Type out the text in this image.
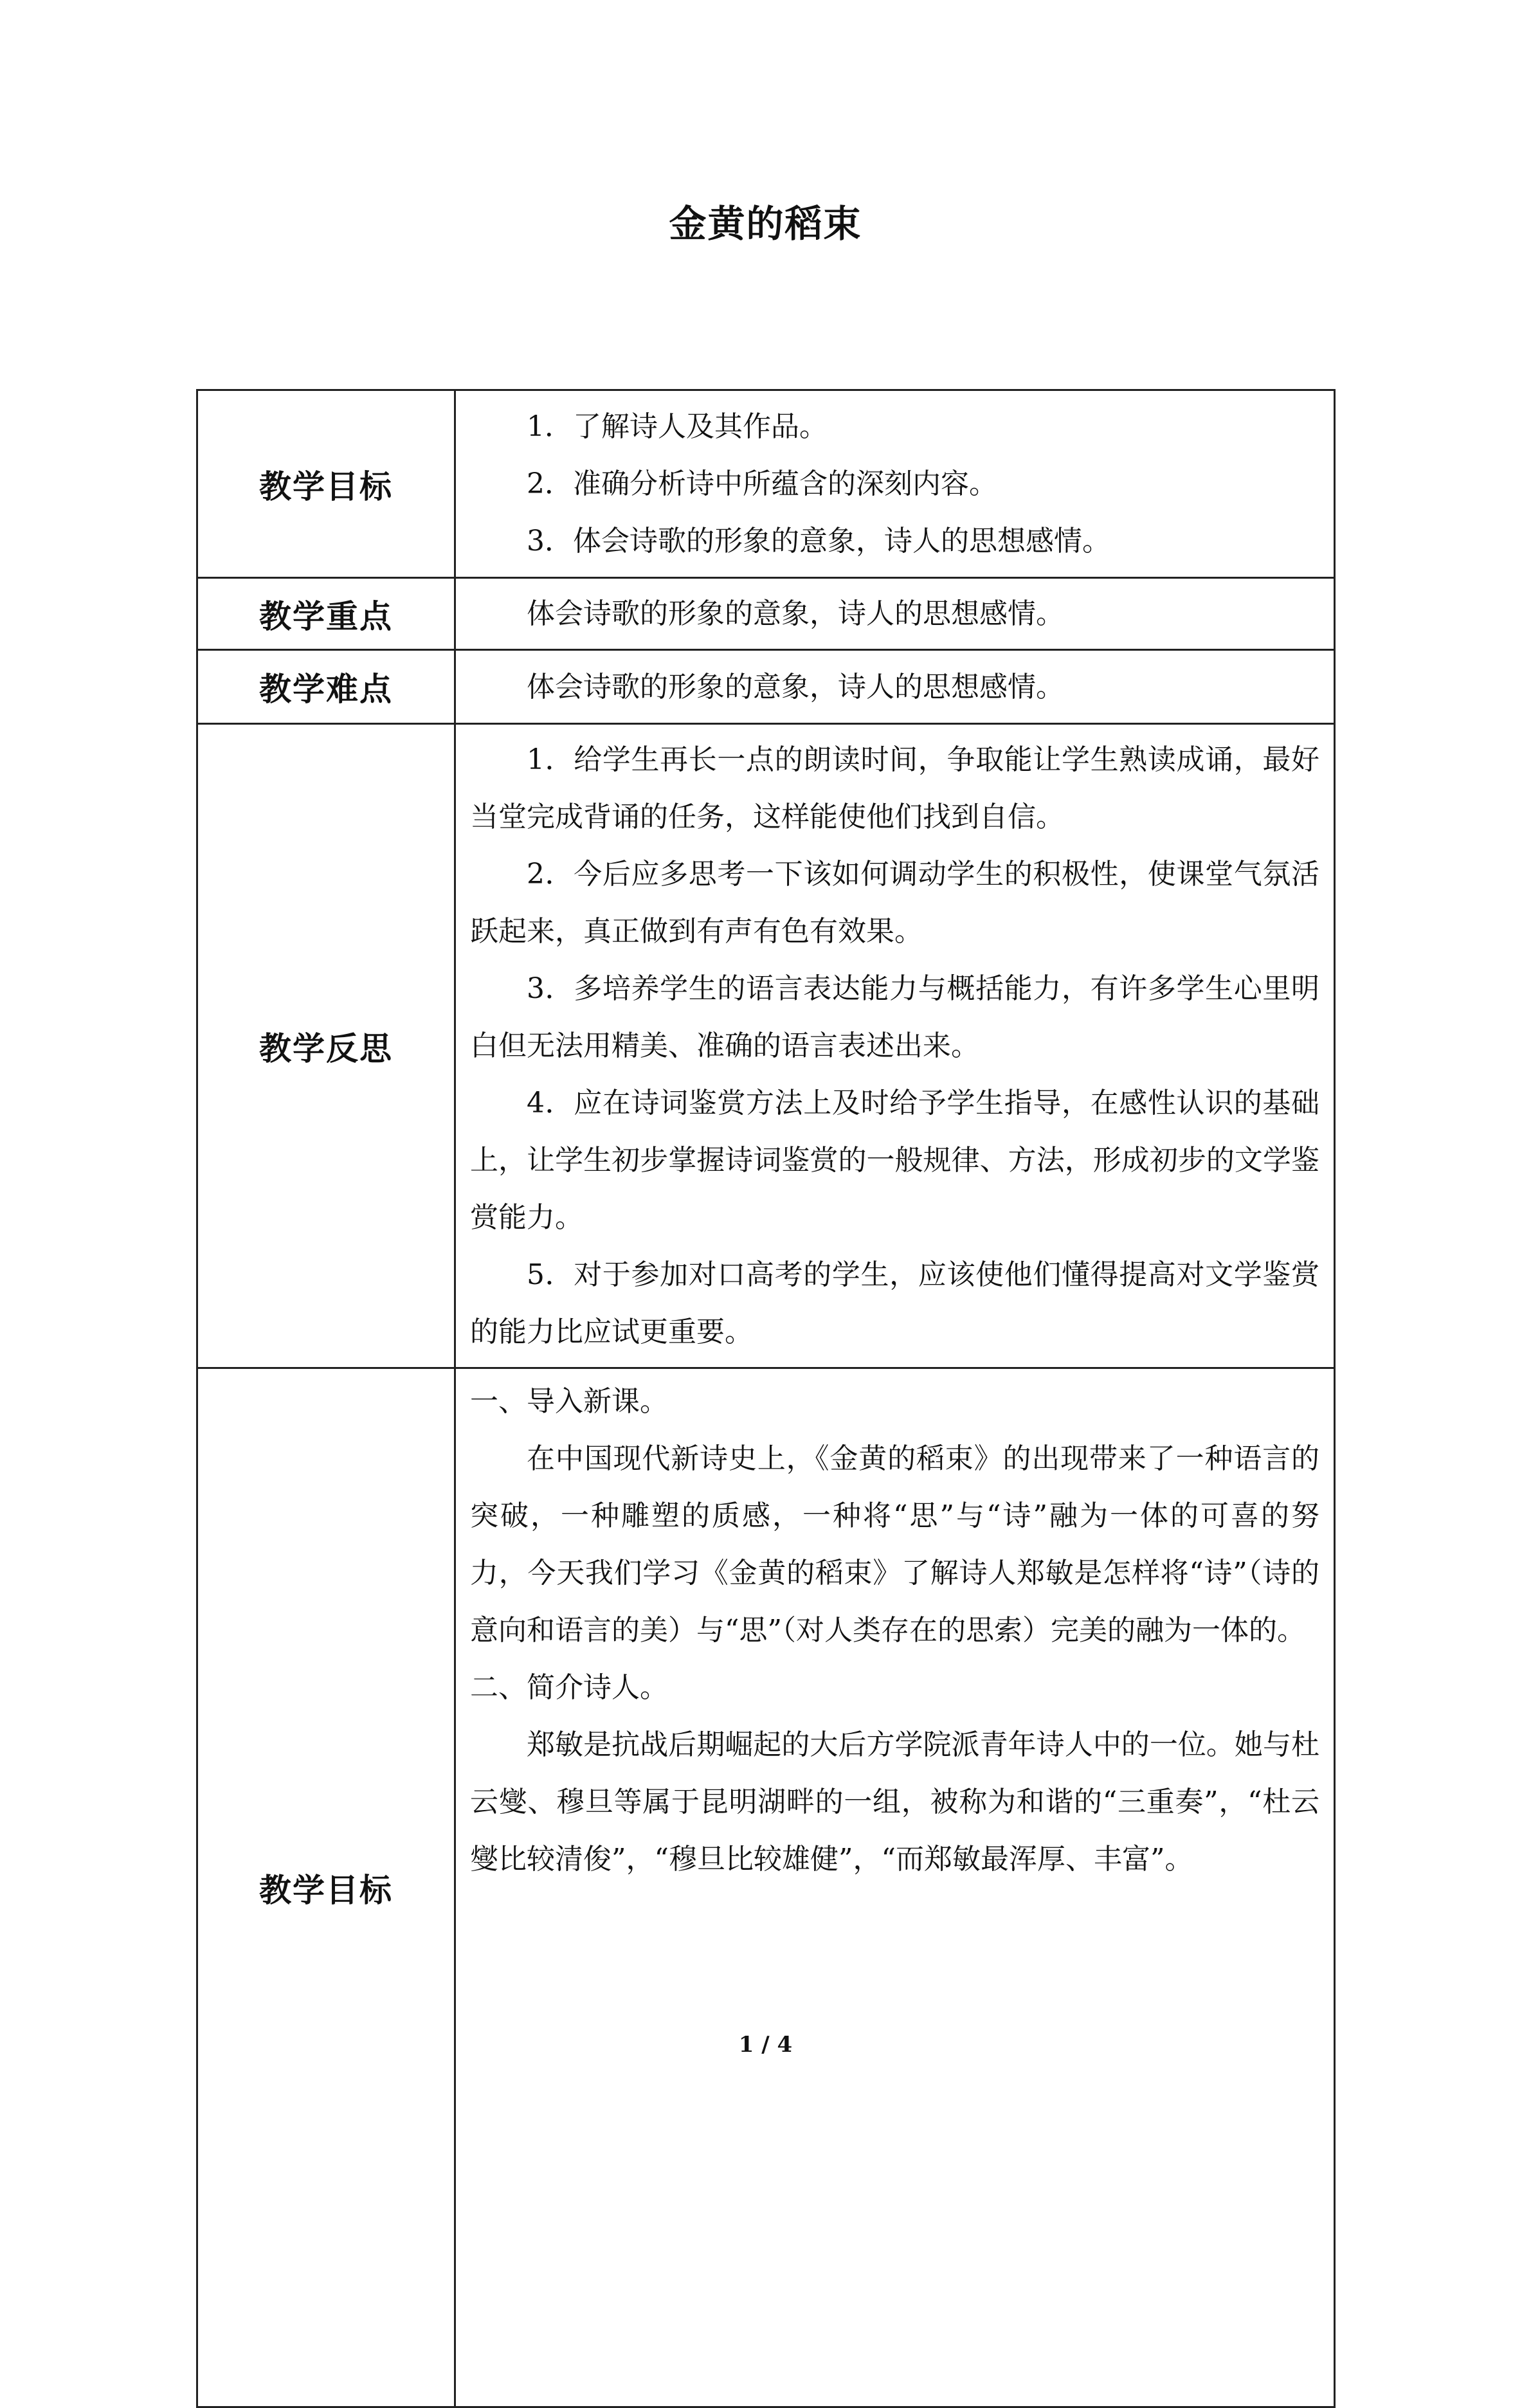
金黄的稻束
教学目标	1．了解诗人及其作品。

2．准确分析诗中所蕴含的深刻内容。

3．体会诗歌的形象的意象，诗人的思想感情。

教学重点	体会诗歌的形象的意象，诗人的思想感情。

教学难点	体会诗歌的形象的意象，诗人的思想感情。

教学反思	1．给学生再长一点的朗读时间，争取能让学生熟读成诵，最好当堂完成背诵的任务，这样能使他们找到自信。

2．今后应多思考一下该如何调动学生的积极性，使课堂气氛活跃起来，真正做到有声有色有效果。

3．多培养学生的语言表达能力与概括能力，有许多学生心里明白但无法用精美、准确的语言表述出来。

4．应在诗词鉴赏方法上及时给予学生指导，在感性认识的基础上，让学生初步掌握诗词鉴赏的一般规律、方法，形成初步的文学鉴赏能力。

5．对于参加对口高考的学生，应该使他们懂得提高对文学鉴赏的能力比应试更重要。

教学目标	一、导入新课。

在中国现代新诗史上，《金黄的稻束》的出现带来了一种语言的突破，一种雕塑的质感，一种将“思”与“诗”融为一体的可喜的努力，今天我们学习《金黄的稻束》了解诗人郑敏是怎样将“诗”（诗的意向和语言的美）与“思”（对人类存在的思索）完美的融为一体的。

二、简介诗人。

郑敏是抗战后期崛起的大后方学院派青年诗人中的一位。她与杜云燮、穆旦等属于昆明湖畔的一组，被称为和谐的“三重奏”，“杜云燮比较清俊”，“穆旦比较雄健”，“而郑敏最浑厚、丰富”。

1 / 4
